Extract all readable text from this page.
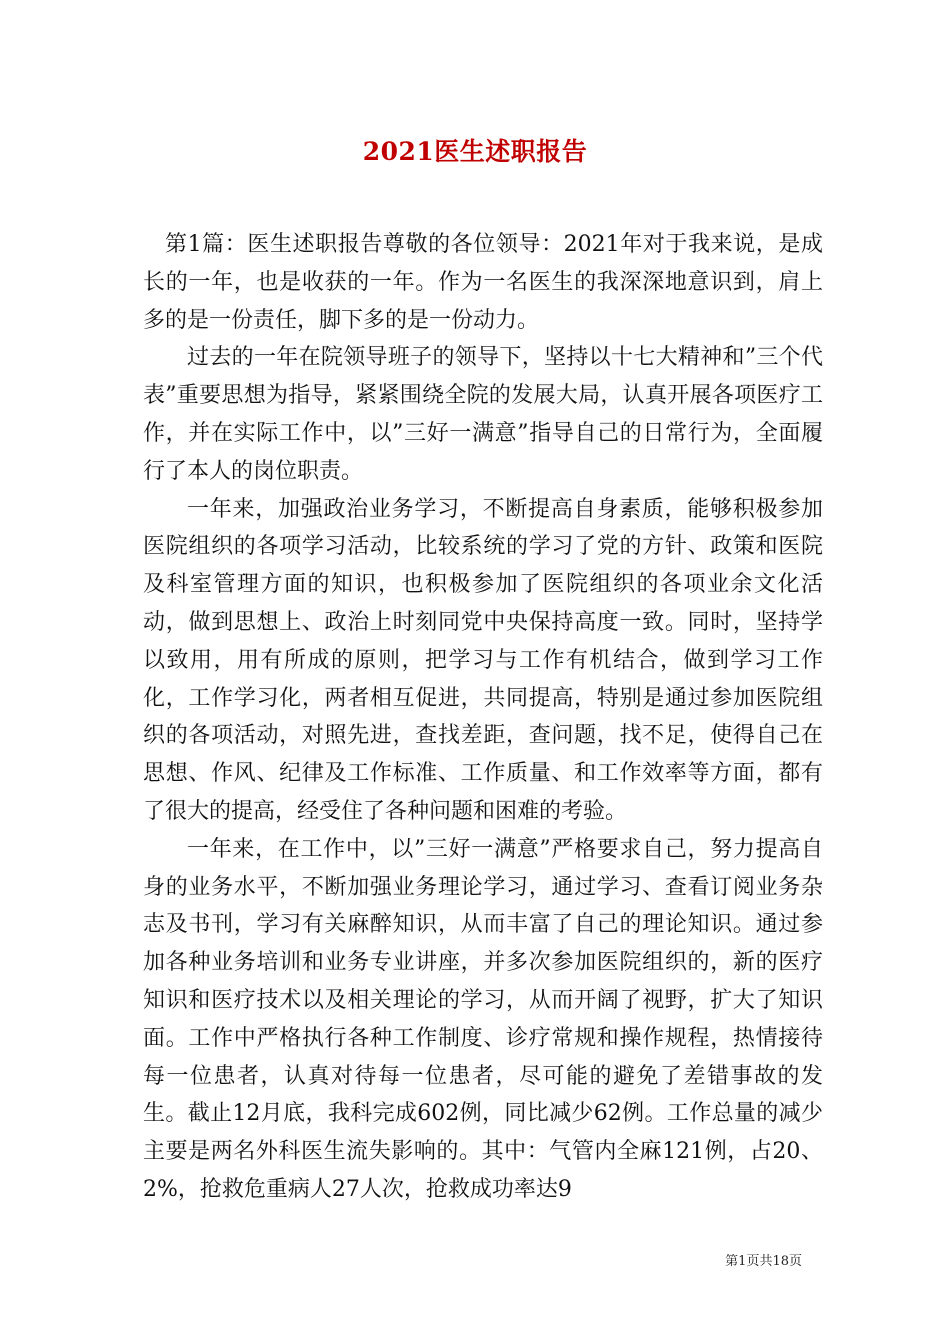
2021医生述职报告

第1篇：医生述职报告尊敬的各位领导：2021年对于我来说，是成长的一年，也是收获的一年。作为一名医生的我深深地意识到，肩上多的是一份责任，脚下多的是一份动力。

过去的一年在院领导班子的领导下，坚持以十七大精神和”三个代表”重要思想为指导，紧紧围绕全院的发展大局，认真开展各项医疗工作，并在实际工作中，以”三好一满意”指导自己的日常行为，全面履行了本人的岗位职责。

一年来，加强政治业务学习，不断提高自身素质，能够积极参加医院组织的各项学习活动，比较系统的学习了党的方针、政策和医院及科室管理方面的知识，也积极参加了医院组织的各项业余文化活动，做到思想上、政治上时刻同党中央保持高度一致。同时，坚持学以致用，用有所成的原则，把学习与工作有机结合，做到学习工作化，工作学习化，两者相互促进，共同提高，特别是通过参加医院组织的各项活动，对照先进，查找差距，查问题，找不足，使得自己在思想、作风、纪律及工作标准、工作质量、和工作效率等方面，都有了很大的提高，经受住了各种问题和困难的考验。

一年来，在工作中，以”三好一满意”严格要求自己，努力提高自身的业务水平，不断加强业务理论学习，通过学习、查看订阅业务杂志及书刊，学习有关麻醉知识，从而丰富了自己的理论知识。通过参加各种业务培训和业务专业讲座，并多次参加医院组织的，新的医疗知识和医疗技术以及相关理论的学习，从而开阔了视野，扩大了知识面。工作中严格执行各种工作制度、诊疗常规和操作规程，热情接待每一位患者，认真对待每一位患者，尽可能的避免了差错事故的发生。截止12月底，我科完成602例，同比减少62例。工作总量的减少主要是两名外科医生流失影响的。其中：气管内全麻121例，占20、2%，抢救危重病人27人次，抢救成功率达9

第1页共18页
